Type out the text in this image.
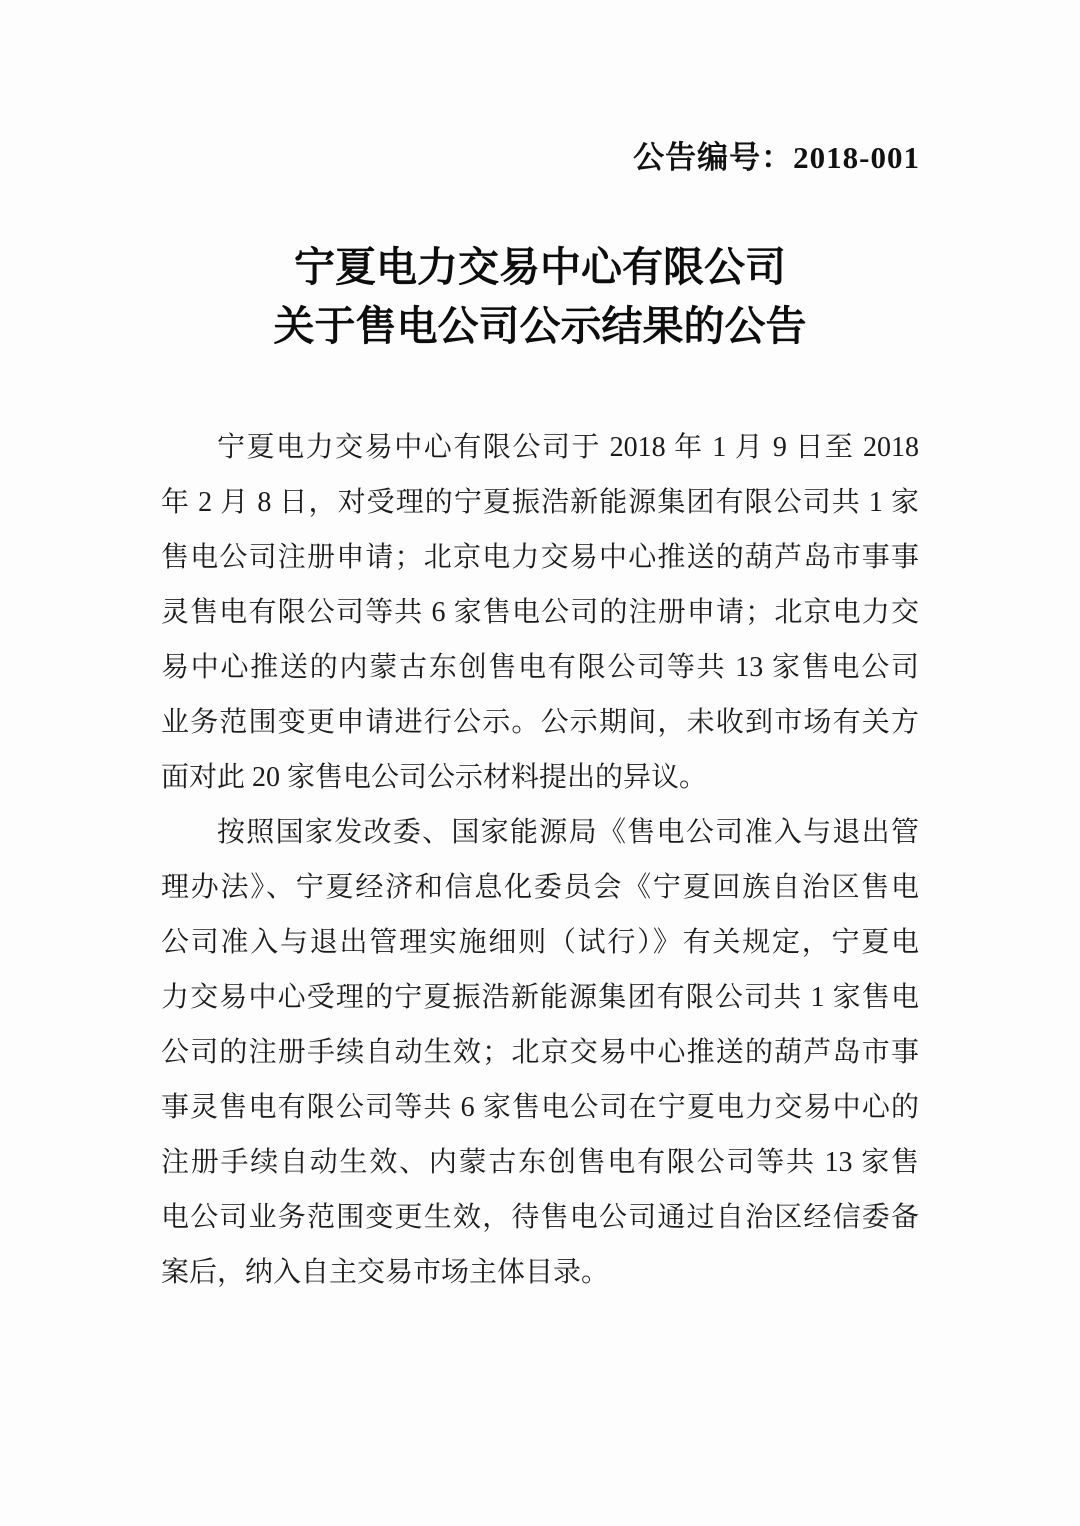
公告编号：2018-001
宁夏电力交易中心有限公司
关于售电公司公示结果的公告
宁夏电力交易中心有限公司于 2018 年 1 月 9 日至 2018
年 2 月 8 日，对受理的宁夏振浩新能源集团有限公司共 1 家
售电公司注册申请；北京电力交易中心推送的葫芦岛市事事
灵售电有限公司等共 6 家售电公司的注册申请；北京电力交
易中心推送的内蒙古东创售电有限公司等共 13 家售电公司
业务范围变更申请进行公示。公示期间，未收到市场有关方
面对此 20 家售电公司公示材料提出的异议。
按照国家发改委、国家能源局《售电公司准入与退出管
理办法》、宁夏经济和信息化委员会《宁夏回族自治区售电
公司准入与退出管理实施细则（试行）》有关规定，宁夏电
力交易中心受理的宁夏振浩新能源集团有限公司共 1 家售电
公司的注册手续自动生效；北京交易中心推送的葫芦岛市事
事灵售电有限公司等共 6 家售电公司在宁夏电力交易中心的
注册手续自动生效、内蒙古东创售电有限公司等共 13 家售
电公司业务范围变更生效，待售电公司通过自治区经信委备
案后，纳入自主交易市场主体目录。
